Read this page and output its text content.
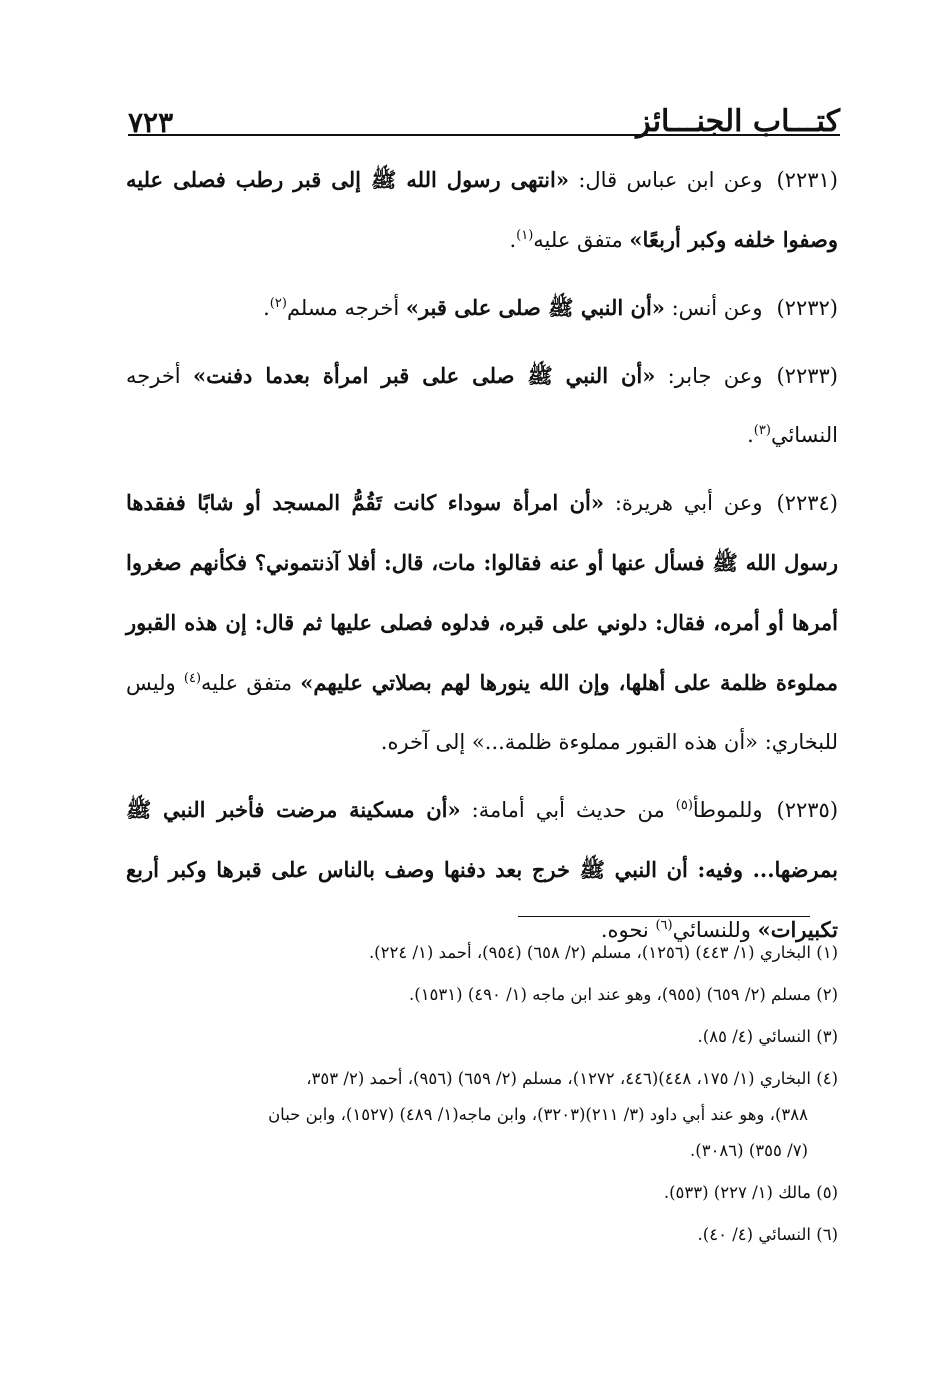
كتـــاب الجنـــائز
٧٢٣

(٢٢٣١)وعن ابن عباس قال: «انتهى رسول الله ﷺ إلى قبر رطب فصلى عليه وصفوا خلفه وكبر أربعًا» متفق عليه$^{(١)}$.

(٢٢٣٢)وعن أنس: «أن النبي ﷺ صلى على قبر» أخرجه مسلم$^{(٢)}$.

(٢٢٣٣)وعن جابر: «أن النبي ﷺ صلى على قبر امرأة بعدما دفنت» أخرجه النسائي$^{(٣)}$.

(٢٢٣٤)وعن أبي هريرة: «أن امرأة سوداء كانت تَقُمُّ المسجد أو شابًا ففقدها رسول الله ﷺ فسأل عنها أو عنه فقالوا: مات، قال: أفلا آذنتموني؟ فكأنهم صغروا أمرها أو أمره، فقال: دلوني على قبره، فدلوه فصلى عليها ثم قال: إن هذه القبور مملوءة ظلمة على أهلها، وإن الله ينورها لهم بصلاتي عليهم» متفق عليه$^{(٤)}$ وليس للبخاري: «أن هذه القبور مملوءة ظلمة...» إلى آخره.

(٢٢٣٥)وللموطأ$^{(٥)}$ من حديث أبي أمامة: «أن مسكينة مرضت فأخبر النبي ﷺ بمرضها... وفيه: أن النبي ﷺ خرج بعد دفنها وصف بالناس على قبرها وكبر أربع تكبيرات» وللنسائي$^{(٦)}$ نحوه.

(١) البخاري (١/ ٤٤٣) (١٢٥٦)، مسلم (٢/ ٦٥٨) (٩٥٤)، أحمد (١/ ٢٢٤).
(٢) مسلم (٢/ ٦٥٩) (٩٥٥)، وهو عند ابن ماجه (١/ ٤٩٠) (١٥٣١).
(٣) النسائي (٤/ ٨٥).
(٤) البخاري (١/ ١٧٥، ٤٤٨)(٤٤٦، ١٢٧٢)، مسلم (٢/ ٦٥٩) (٩٥٦)، أحمد (٢/ ٣٥٣،
٣٨٨)، وهو عند أبي داود (٣/ ٢١١)(٣٢٠٣)، وابن ماجه(١/ ٤٨٩) (١٥٢٧)، وابن حبان
(٧/ ٣٥٥) (٣٠٨٦).
(٥) مالك (١/ ٢٢٧) (٥٣٣).
(٦) النسائي (٤/ ٤٠).
